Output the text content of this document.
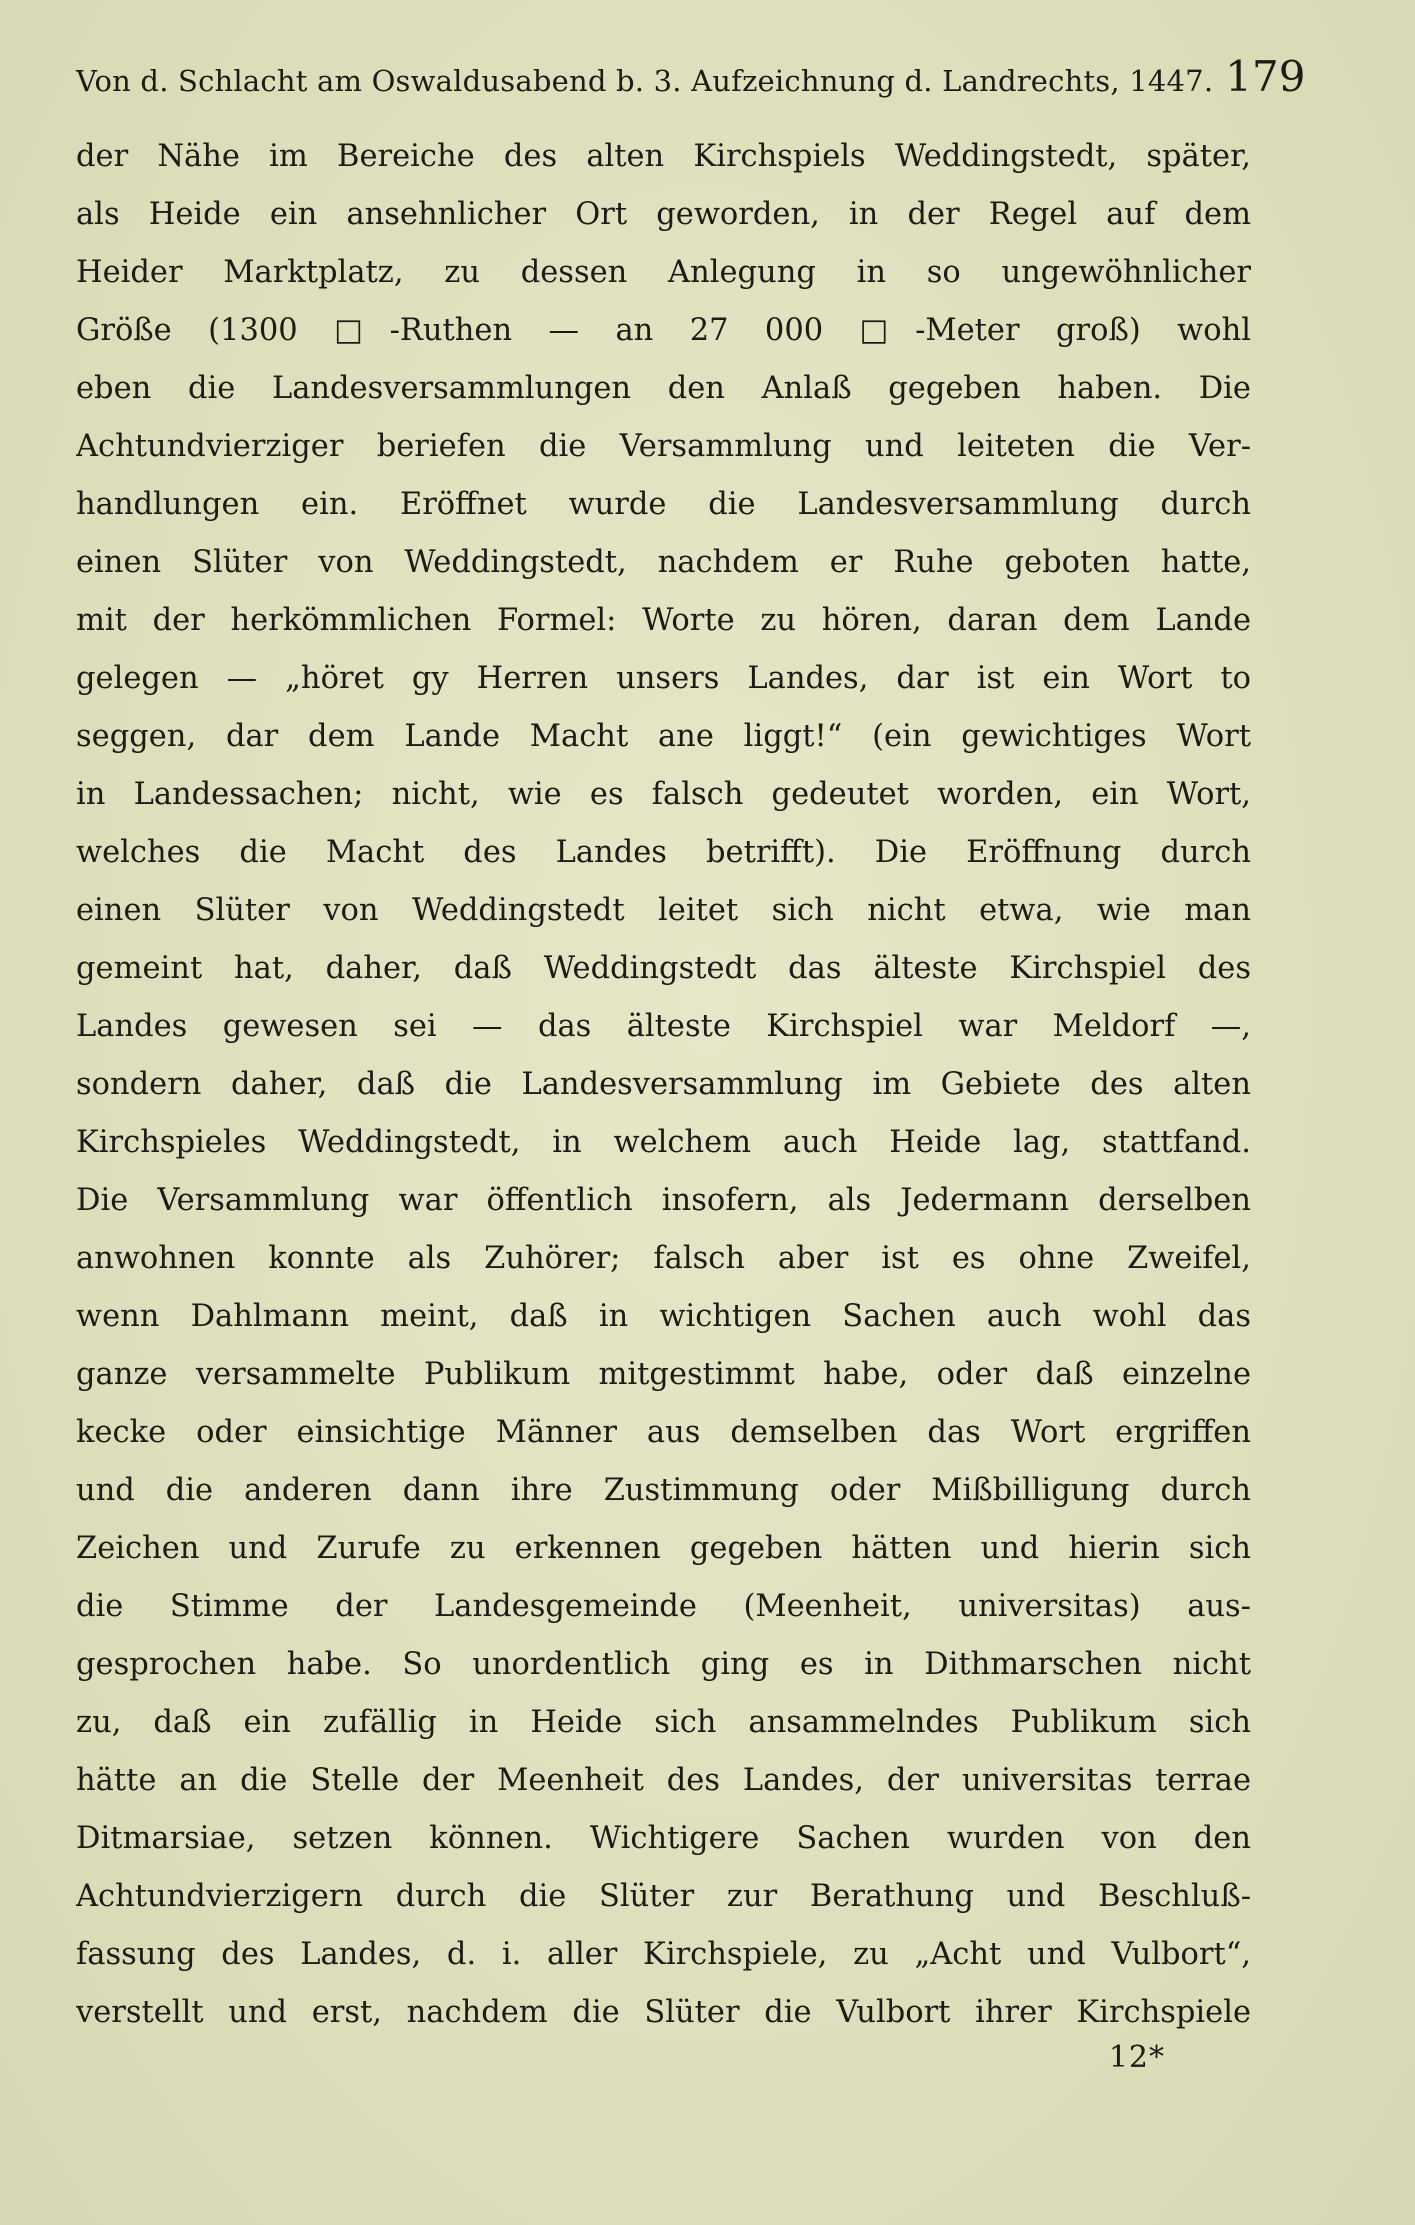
Von d. Schlacht am Oswaldusabend b. 3. Aufzeichnung d. Landrechts, 1447. 179
der Nähe im Bereiche des alten Kirchspiels Weddingstedt, später,
als Heide ein ansehnlicher Ort geworden, in der Regel auf dem
Heider Marktplatz, zu dessen Anlegung in so ungewöhnlicher
Größe (1300 □-Ruthen — an 27 000 □-Meter groß) wohl
eben die Landesversammlungen den Anlaß gegeben haben. Die
Achtundvierziger beriefen die Versammlung und leiteten die Ver-
handlungen ein. Eröffnet wurde die Landesversammlung durch
einen Slüter von Weddingstedt, nachdem er Ruhe geboten hatte,
mit der herkömmlichen Formel: Worte zu hören, daran dem Lande
gelegen — „höret gy Herren unsers Landes, dar ist ein Wort to
seggen, dar dem Lande Macht ane liggt!“ (ein gewichtiges Wort
in Landessachen; nicht, wie es falsch gedeutet worden, ein Wort,
welches die Macht des Landes betrifft). Die Eröffnung durch
einen Slüter von Weddingstedt leitet sich nicht etwa, wie man
gemeint hat, daher, daß Weddingstedt das älteste Kirchspiel des
Landes gewesen sei — das älteste Kirchspiel war Meldorf —,
sondern daher, daß die Landesversammlung im Gebiete des alten
Kirchspieles Weddingstedt, in welchem auch Heide lag, stattfand.
Die Versammlung war öffentlich insofern, als Jedermann derselben
anwohnen konnte als Zuhörer; falsch aber ist es ohne Zweifel,
wenn Dahlmann meint, daß in wichtigen Sachen auch wohl das
ganze versammelte Publikum mitgestimmt habe, oder daß einzelne
kecke oder einsichtige Männer aus demselben das Wort ergriffen
und die anderen dann ihre Zustimmung oder Mißbilligung durch
Zeichen und Zurufe zu erkennen gegeben hätten und hierin sich
die Stimme der Landesgemeinde (Meenheit, universitas) aus-
gesprochen habe. So unordentlich ging es in Dithmarschen nicht
zu, daß ein zufällig in Heide sich ansammelndes Publikum sich
hätte an die Stelle der Meenheit des Landes, der universitas terrae
Ditmarsiae, setzen können. Wichtigere Sachen wurden von den
Achtundvierzigern durch die Slüter zur Berathung und Beschluß-
fassung des Landes, d. i. aller Kirchspiele, zu „Acht und Vulbort“,
verstellt und erst, nachdem die Slüter die Vulbort ihrer Kirchspiele
12*
